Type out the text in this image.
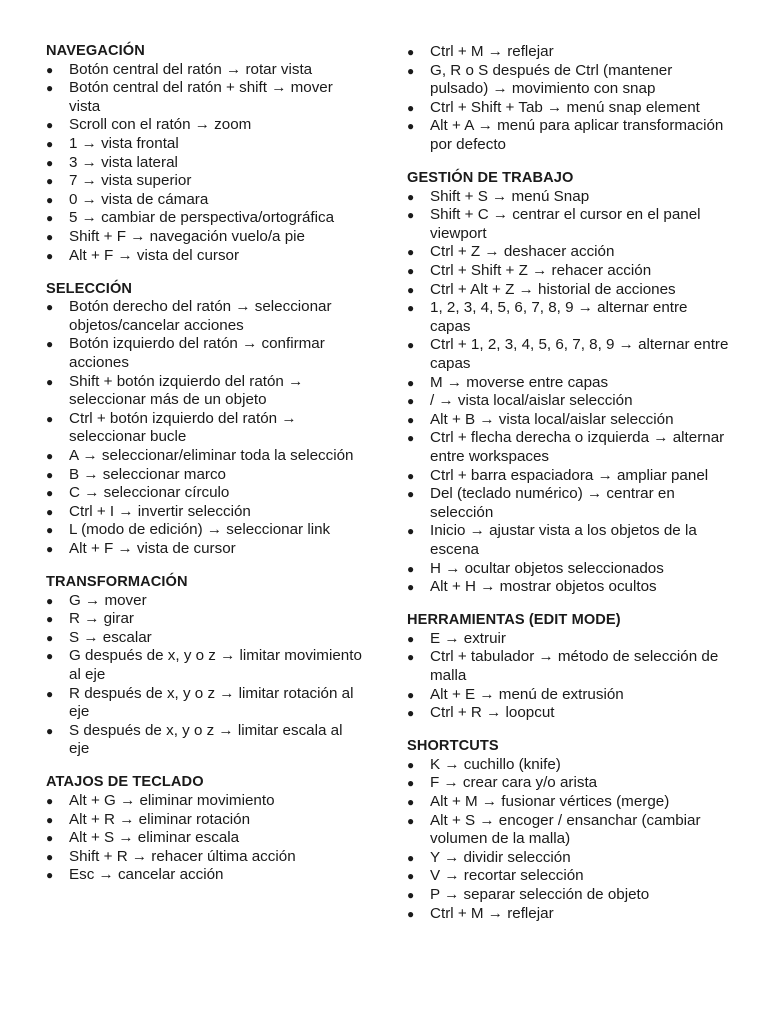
NAVEGACIÓN
● Botón central del ratón → rotar vista
● Botón central del ratón + shift → mover vista
● Scroll con el ratón → zoom
● 1 → vista frontal
● 3 → vista lateral
● 7 → vista superior
● 0 → vista de cámara
● 5 → cambiar de perspectiva/ortográfica
● Shift + F → navegación vuelo/a pie
● Alt + F → vista del cursor
SELECCIÓN
● Botón derecho del ratón → seleccionar objetos/cancelar acciones
● Botón izquierdo del ratón → confirmar acciones
● Shift + botón izquierdo del ratón → seleccionar más de un objeto
● Ctrl + botón izquierdo del ratón → seleccionar bucle
● A → seleccionar/eliminar toda la selección
● B → seleccionar marco
● C → seleccionar círculo
● Ctrl + I → invertir selección
● L (modo de edición) → seleccionar link
● Alt + F → vista de cursor
TRANSFORMACIÓN
● G → mover
● R → girar
● S → escalar
● G después de x, y o z → limitar movimiento al eje
● R después de x, y o z → limitar rotación al eje
● S después de x, y o z → limitar escala al eje
ATAJOS DE TECLADO
● Alt + G → eliminar movimiento
● Alt + R → eliminar rotación
● Alt + S → eliminar escala
● Shift + R → rehacer última acción
● Esc → cancelar acción
● Ctrl + M → reflejar
● G, R o S después de Ctrl (mantener pulsado) → movimiento con snap
● Ctrl + Shift + Tab → menú snap element
● Alt + A → menú para aplicar transformación por defecto
GESTIÓN DE TRABAJO
● Shift + S → menú Snap
● Shift + C → centrar el cursor en el panel viewport
● Ctrl + Z → deshacer acción
● Ctrl + Shift + Z → rehacer acción
● Ctrl + Alt + Z → historial de acciones
● 1, 2, 3, 4, 5, 6, 7, 8, 9 → alternar entre capas
● Ctrl + 1, 2, 3, 4, 5, 6, 7, 8, 9 → alternar entre capas
● M → moverse entre capas
● / → vista local/aislar selección
● Alt + B → vista local/aislar selección
● Ctrl + flecha derecha o izquierda → alternar entre workspaces
● Ctrl + barra espaciadora → ampliar panel
● Del (teclado numérico) → centrar en selección
● Inicio → ajustar vista a los objetos de la escena
● H → ocultar objetos seleccionados
● Alt + H → mostrar objetos ocultos
HERRAMIENTAS (EDIT MODE)
● E → extruir
● Ctrl + tabulador → método de selección de malla
● Alt + E → menú de extrusión
● Ctrl + R → loopcut
SHORTCUTS
● K → cuchillo (knife)
● F → crear cara y/o arista
● Alt + M → fusionar vértices (merge)
● Alt + S → encoger / ensanchar (cambiar volumen de la malla)
● Y → dividir selección
● V → recortar selección
● P → separar selección de objeto
● Ctrl + M → reflejar
